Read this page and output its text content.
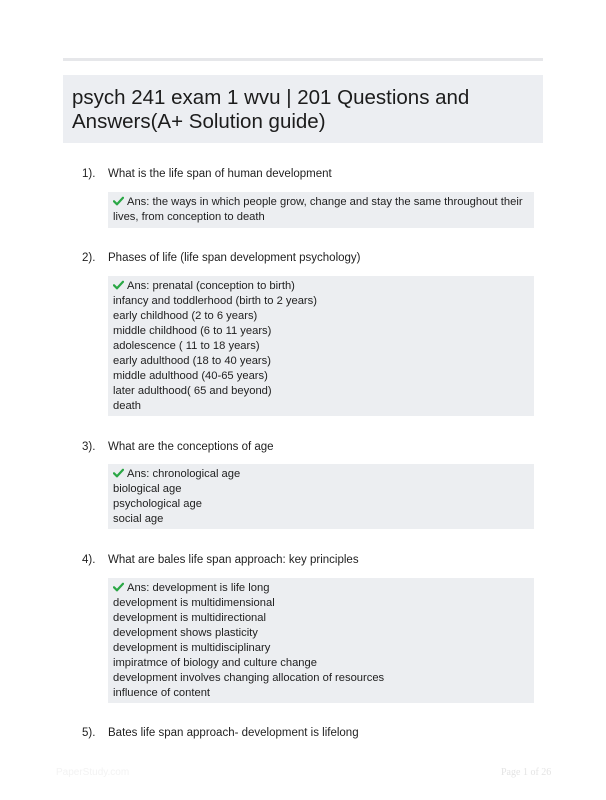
psych 241 exam 1 wvu | 201 Questions and Answers(A+ Solution guide)
1). What is the life span of human development
Ans: the ways in which people grow, change and stay the same throughout their lives, from conception to death
2). Phases of life (life span development psychology)
Ans: prenatal (conception to birth)
infancy and toddlerhood (birth to 2 years)
early childhood (2 to 6 years)
middle childhood (6 to 11 years)
adolescence ( 11 to 18 years)
early adulthood (18 to 40 years)
middle adulthood (40-65 years)
later adulthood( 65 and beyond)
death
3). What are the conceptions of age
Ans: chronological age
biological age
psychological age
social age
4). What are bales life span approach: key principles
Ans: development is life long
development is multidimensional
development is multidirectional
development shows plasticity
development is multidisciplinary
impiratmce of biology and culture change
development involves changing allocation of resources
influence of content
5). Bates life span approach- development is lifelong
PaperStudy.com	Page 1 of 26
